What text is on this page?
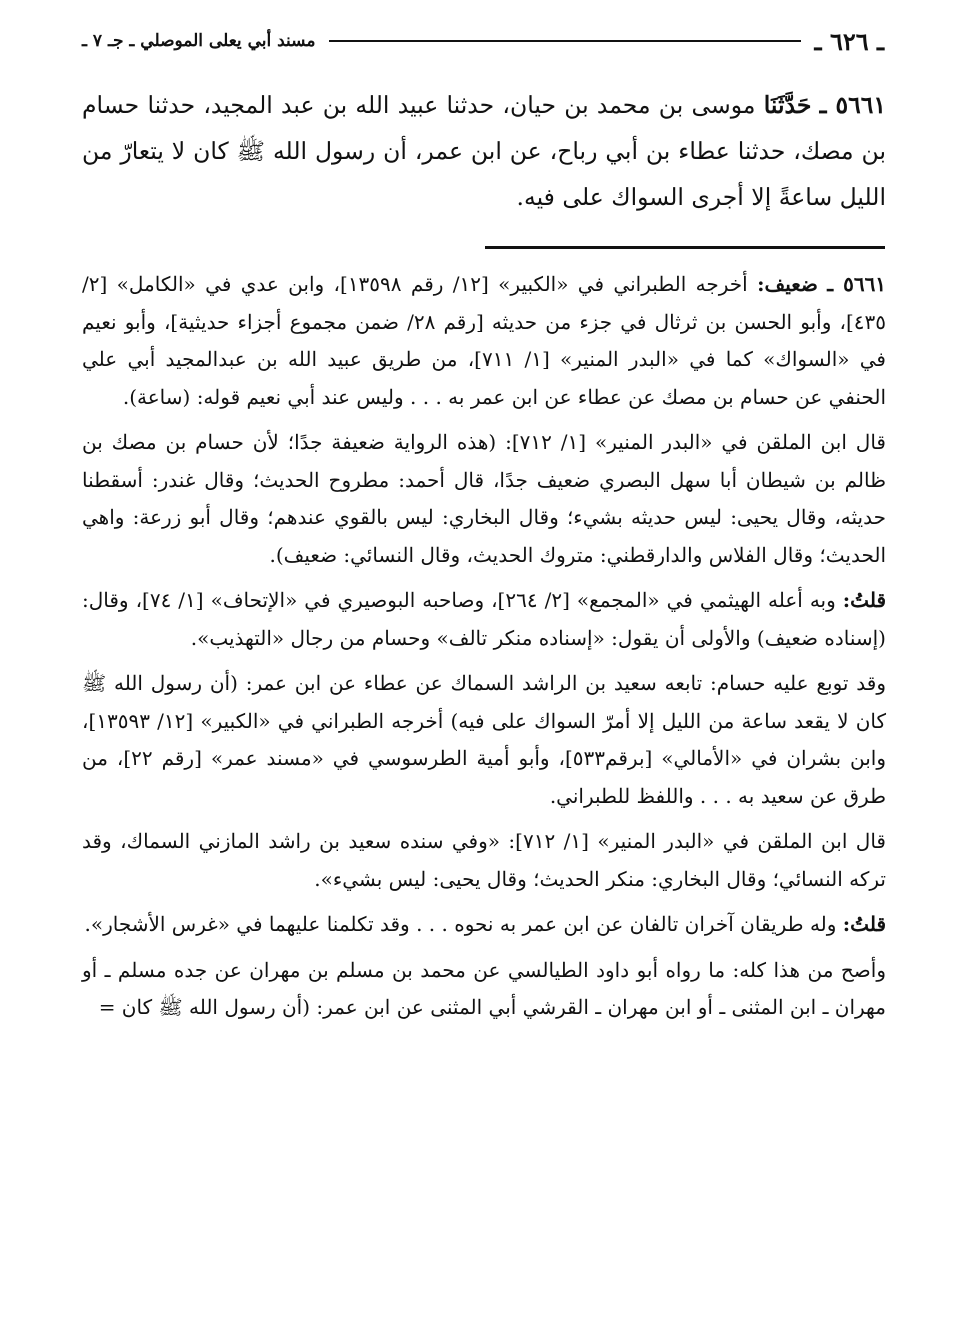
ـ ٦٢٦ ـ
مسند أبي يعلى الموصلي ـ جـ ٧ ـ
٥٦٦١ ـ حَدَّثَنَا موسى بن محمد بن حيان، حدثنا عبيد الله بن عبد المجيد، حدثنا حسام بن مصك، حدثنا عطاء بن أبي رباح، عن ابن عمر، أن رسول الله ﷺ كان لا يتعارّ من الليل ساعةً إلا أجرى السواك على فيه.

٥٦٦١ ـ ضعيف: أخرجه الطبراني في «الكبير» [١٢/ رقم ١٣٥٩٨]، وابن عدي في «الكامل» [٢/ ٤٣٥]، وأبو الحسن بن ثرثال في جزء من حديثه [رقم ٢٨/ ضمن مجموع أجزاء حديثية]، وأبو نعيم في «السواك» كما في «البدر المنير» [١/ ٧١١]، من طريق عبيد الله بن عبدالمجيد أبي علي الحنفي عن حسام بن مصك عن عطاء عن ابن عمر به . . . وليس عند أبي نعيم قوله: (ساعة).

قال ابن الملقن في «البدر المنير» [١/ ٧١٢]: (هذه الرواية ضعيفة جدًا؛ لأن حسام بن مصك بن ظالم بن شيطان أبا سهل البصري ضعيف جدًا، قال أحمد: مطروح الحديث؛ وقال غندر: أسقطنا حديثه، وقال يحيى: ليس حديثه بشيء؛ وقال البخاري: ليس بالقوي عندهم؛ وقال أبو زرعة: واهي الحديث؛ وقال الفلاس والدارقطني: متروك الحديث، وقال النسائي: ضعيف).

قلتُ: وبه أعله الهيثمي في «المجمع» [٢/ ٢٦٤]، وصاحبه البوصيري في «الإتحاف» [١/ ٧٤]، وقال: (إسناده ضعيف) والأولى أن يقول: «إسناده منكر تالف» وحسام من رجال «التهذيب».

وقد توبع عليه حسام: تابعه سعيد بن الراشد السماك عن عطاء عن ابن عمر: (أن رسول الله ﷺ كان لا يقعد ساعة من الليل إلا أمرّ السواك على فيه) أخرجه الطبراني في «الكبير» [١٢/ ١٣٥٩٣]، وابن بشران في «الأمالي» [برقم٥٣٣]، وأبو أمية الطرسوسي في «مسند عمر» [رقم ٢٢]، من طرق عن سعيد به . . . واللفظ للطبراني.

قال ابن الملقن في «البدر المنير» [١/ ٧١٢]: «وفي سنده سعيد بن راشد المازني السماك، وقد تركه النسائي؛ وقال البخاري: منكر الحديث؛ وقال يحيى: ليس بشيء».

قلتُ: وله طريقان آخران تالفان عن ابن عمر به نحوه . . . وقد تكلمنا عليهما في «غرس الأشجار».

وأصح من هذا كله: ما رواه أبو داود الطيالسي عن محمد بن مسلم بن مهران عن جده مسلم ـ أو مهران ـ ابن المثنى ـ أو ابن مهران ـ القرشي أبي المثنى عن ابن عمر: (أن رسول الله ﷺ كان =
